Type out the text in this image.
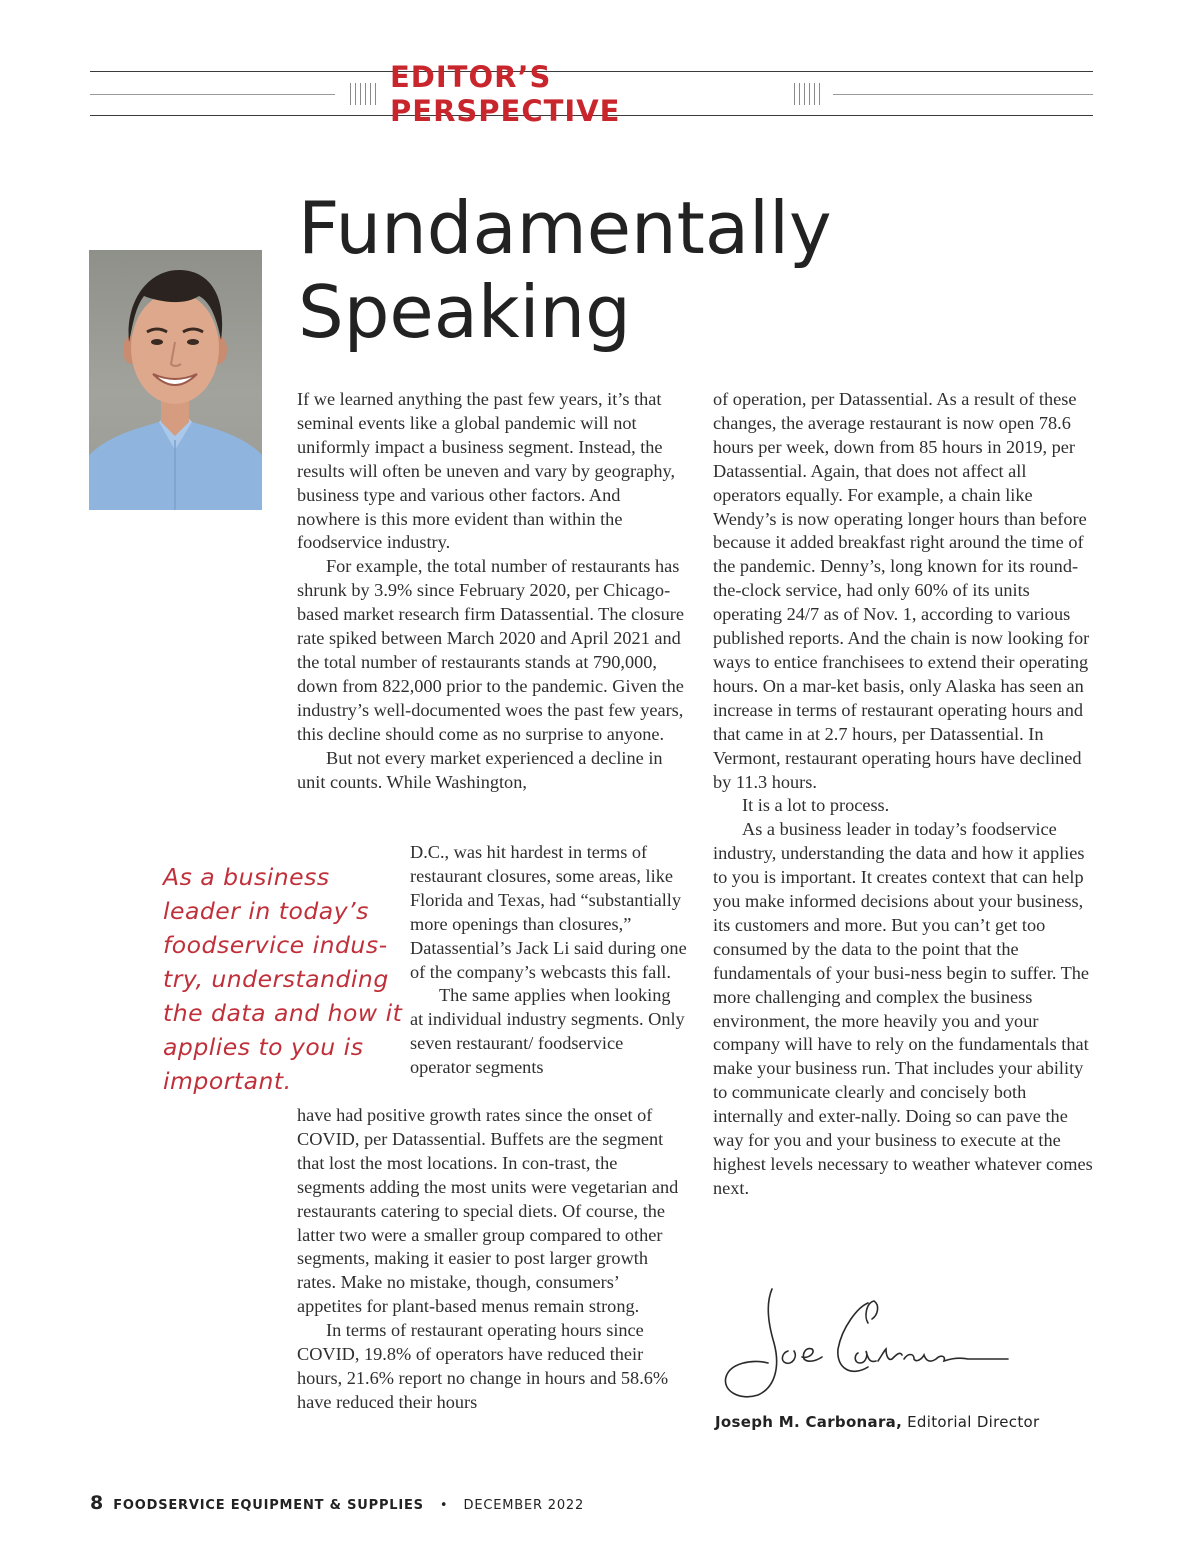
EDITOR’S PERSPECTIVE
Fundamentally
Speaking

If we learned anything the past few years, it’s that seminal events like a global pandemic will not uniformly impact a business segment. Instead, the results will often be uneven and vary by geography, business type and various other factors. And nowhere is this more evident than within the foodservice industry.

For example, the total number of restaurants has shrunk by 3.9% since February 2020, per Chicago-based market research firm Datassential. The closure rate spiked between March 2020 and April 2021 and the total number of restaurants stands at 790,000, down from 822,000 prior to the pandemic. Given the industry’s well-documented woes the past few years, this decline should come as no surprise to anyone.

But not every market experienced a decline in unit counts. While Washington,

As a business leader in today’s foodservice indus-try, understanding the data and how it applies to you is important.

D.C., was hit hardest in terms of restaurant closures, some areas, like Florida and Texas, had “substantially more openings than closures,” Datassential’s Jack Li said during one of the company’s webcasts this fall.

The same applies when looking at individual industry segments. Only seven restaurant/ foodservice operator segments

have had positive growth rates since the onset of COVID, per Datassential. Buffets are the segment that lost the most locations. In con-trast, the segments adding the most units were vegetarian and restaurants catering to special diets. Of course, the latter two were a smaller group compared to other segments, making it easier to post larger growth rates. Make no mistake, though, consumers’ appetites for plant-based menus remain strong.

In terms of restaurant operating hours since COVID, 19.8% of operators have reduced their hours, 21.6% report no change in hours and 58.6% have reduced their hours

of operation, per Datassential. As a result of these changes, the average restaurant is now open 78.6 hours per week, down from 85 hours in 2019, per Datassential. Again, that does not affect all operators equally. For example, a chain like Wendy’s is now operating longer hours than before because it added breakfast right around the time of the pandemic. Denny’s, long known for its round-the-clock service, had only 60% of its units operating 24/7 as of Nov. 1, according to various published reports. And the chain is now looking for ways to entice franchisees to extend their operating hours. On a mar-ket basis, only Alaska has seen an increase in terms of restaurant operating hours and that came in at 2.7 hours, per Datassential. In Vermont, restaurant operating hours have declined by 11.3 hours.

It is a lot to process.

As a business leader in today’s foodservice industry, understanding the data and how it applies to you is important. It creates context that can help you make informed decisions about your business, its customers and more. But you can’t get too consumed by the data to the point that the fundamentals of your busi-ness begin to suffer. The more challenging and complex the business environment, the more heavily you and your company will have to rely on the fundamentals that make your business run. That includes your ability to communicate clearly and concisely both internally and exter-nally. Doing so can pave the way for you and your business to execute at the highest levels necessary to weather whatever comes next.

Joseph M. Carbonara, Editorial Director
8 FOODSERVICE EQUIPMENT & SUPPLIES	•	DECEMBER 2022
